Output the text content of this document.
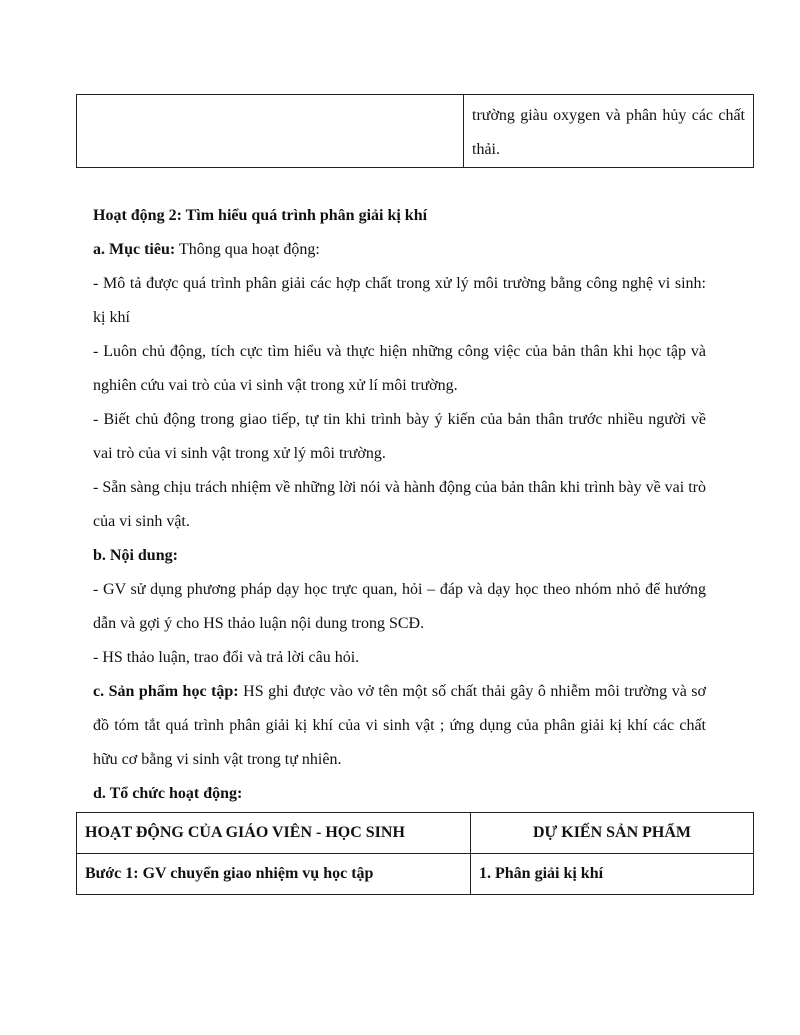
	trường giàu oxygen và phân hủy các chất thải.

Hoạt động 2: Tìm hiểu quá trình phân giải kị khí

a. Mục tiêu: Thông qua hoạt động:

- Mô tả được quá trình phân giải các hợp chất trong xử lý môi trường bằng công nghệ vi sinh: kị khí

- Luôn chủ động, tích cực tìm hiểu và thực hiện những công việc của bản thân khi học tập và nghiên cứu vai trò của vi sinh vật trong xử lí môi trường.

- Biết chủ động trong giao tiếp, tự tin khi trình bày ý kiến của bản thân trước nhiều người về vai trò của vi sinh vật trong xử lý môi trường.

- Sẵn sàng chịu trách nhiệm về những lời nói và hành động của bản thân khi trình bày về vai trò của vi sinh vật.

b. Nội dung:

- GV sử dụng phương pháp dạy học trực quan, hỏi – đáp và dạy học theo nhóm nhỏ để hướng dẫn và gợi ý cho HS thảo luận nội dung trong SCĐ.

- HS thảo luận, trao đổi và trả lời câu hỏi.

c. Sản phẩm học tập: HS ghi được vào vở tên một số chất thải gây ô nhiễm môi trường và sơ đồ tóm tắt quá trình phân giải kị khí của vi sinh vật ; ứng dụng của phân giải kị khí các chất hữu cơ bằng vi sinh vật trong tự nhiên.

d. Tổ chức hoạt động:

HOẠT ĐỘNG CỦA GIÁO VIÊN - HỌC SINH	DỰ KIẾN SẢN PHẨM
Bước 1: GV chuyển giao nhiệm vụ học tập	1. Phân giải kị khí
